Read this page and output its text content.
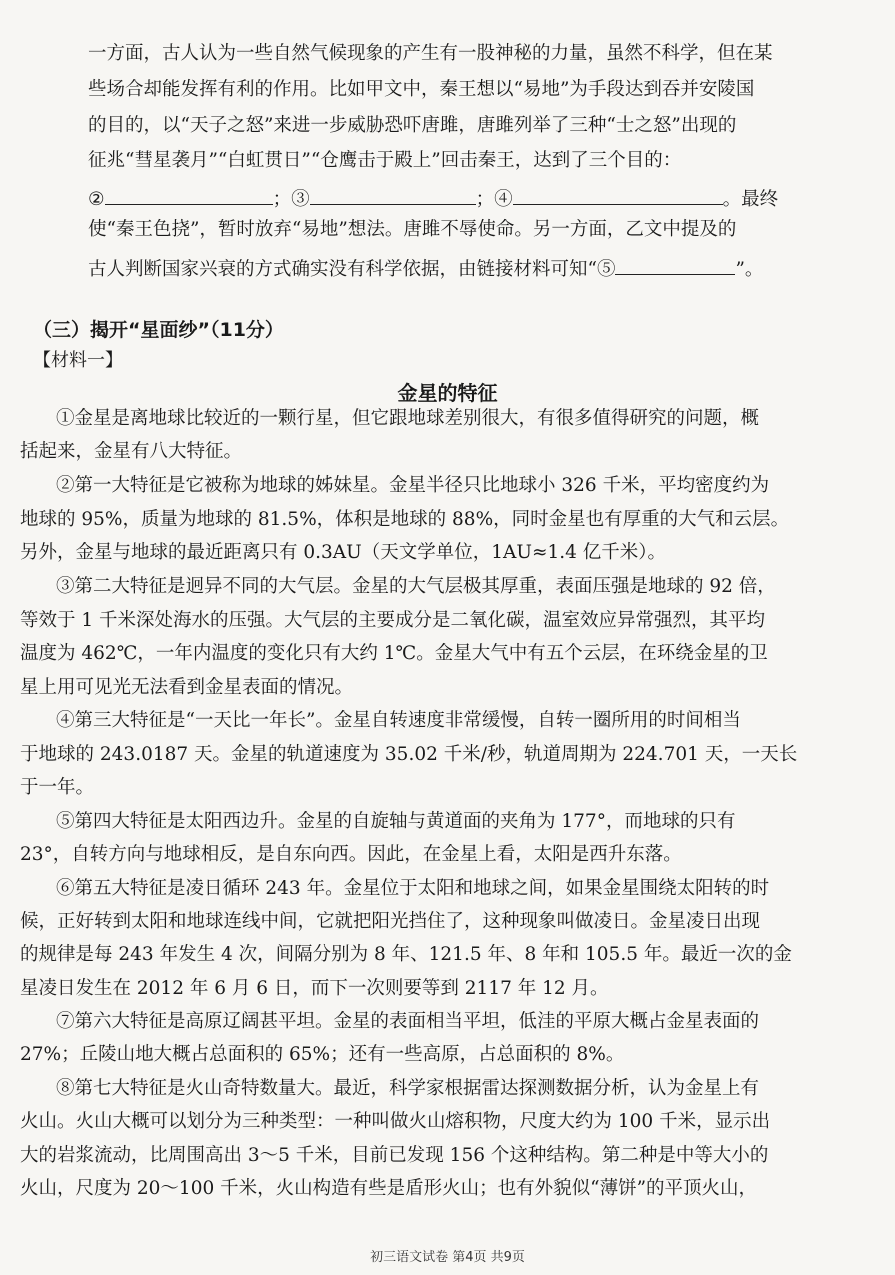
一方面，古人认为一些自然气候现象的产生有一股神秘的力量，虽然不科学，但在某
些场合却能发挥有利的作用。比如甲文中，秦王想以“易地”为手段达到吞并安陵国
的目的，以“天子之怒”来进一步威胁恐吓唐雎，唐雎列举了三种“士之怒”出现的
征兆“彗星袭月”“白虹贯日”“仓鹰击于殿上”回击秦王，达到了三个目的：
②	；③	；④	。最终
使“秦王色挠”，暂时放弃“易地”想法。唐雎不辱使命。另一方面，乙文中提及的
古人判断国家兴衰的方式确实没有科学依据，由链接材料可知“⑤	”。
（三）揭开“星面纱”（11分）
【材料一】
金星的特征
①金星是离地球比较近的一颗行星，但它跟地球差别很大，有很多值得研究的问题，概
括起来，金星有八大特征。
②第一大特征是它被称为地球的姊妹星。金星半径只比地球小 326 千米，平均密度约为
地球的 95%，质量为地球的 81.5%，体积是地球的 88%，同时金星也有厚重的大气和云层。
另外，金星与地球的最近距离只有 0.3AU（天文学单位，1AU≈1.4 亿千米）。
③第二大特征是迥异不同的大气层。金星的大气层极其厚重，表面压强是地球的 92 倍，
等效于 1 千米深处海水的压强。大气层的主要成分是二氧化碳，温室效应异常强烈，其平均
温度为 462℃，一年内温度的变化只有大约 1℃。金星大气中有五个云层，在环绕金星的卫
星上用可见光无法看到金星表面的情况。
④第三大特征是“一天比一年长”。金星自转速度非常缓慢，自转一圈所用的时间相当
于地球的 243.0187 天。金星的轨道速度为 35.02 千米/秒，轨道周期为 224.701 天，一天长
于一年。
⑤第四大特征是太阳西边升。金星的自旋轴与黄道面的夹角为 177°，而地球的只有
23°，自转方向与地球相反，是自东向西。因此，在金星上看，太阳是西升东落。
⑥第五大特征是凌日循环 243 年。金星位于太阳和地球之间，如果金星围绕太阳转的时
候，正好转到太阳和地球连线中间，它就把阳光挡住了，这种现象叫做凌日。金星凌日出现
的规律是每 243 年发生 4 次，间隔分别为 8 年、121.5 年、8 年和 105.5 年。最近一次的金
星凌日发生在 2012 年 6 月 6 日，而下一次则要等到 2117 年 12 月。
⑦第六大特征是高原辽阔甚平坦。金星的表面相当平坦，低洼的平原大概占金星表面的
27%；丘陵山地大概占总面积的 65%；还有一些高原，占总面积的 8%。
⑧第七大特征是火山奇特数量大。最近，科学家根据雷达探测数据分析，认为金星上有
火山。火山大概可以划分为三种类型：一种叫做火山熔积物，尺度大约为 100 千米，显示出
大的岩浆流动，比周围高出 3～5 千米，目前已发现 156 个这种结构。第二种是中等大小的
火山，尺度为 20～100 千米，火山构造有些是盾形火山；也有外貌似“薄饼”的平顶火山，
初三语文试卷 第4页 共9页
